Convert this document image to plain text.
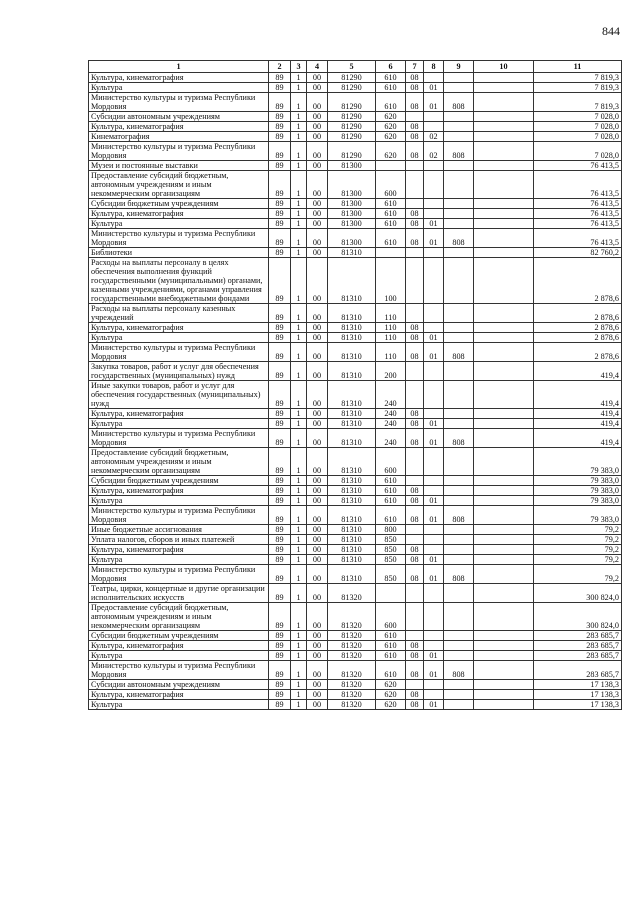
844
1	2	3	4	5	6	7	8	9	10	11
Культура, кинематография	89	1	00	81290	610	08				7 819,3
Культура	89	1	00	81290	610	08	01			7 819,3
Министерство культуры и туризма Республики Мордовия	89	1	00	81290	610	08	01	808		7 819,3
Субсидии автономным учреждениям	89	1	00	81290	620					7 028,0
Культура, кинематография	89	1	00	81290	620	08				7 028,0
Кинематография	89	1	00	81290	620	08	02			7 028,0
Министерство культуры и туризма Республики Мордовия	89	1	00	81290	620	08	02	808		7 028,0
Музеи и постоянные выставки	89	1	00	81300						76 413,5
Предоставление субсидий бюджетным, автономным учреждениям и иным некоммерческим организациям	89	1	00	81300	600					76 413,5
Субсидии бюджетным учреждениям	89	1	00	81300	610					76 413,5
Культура, кинематография	89	1	00	81300	610	08				76 413,5
Культура	89	1	00	81300	610	08	01			76 413,5
Министерство культуры и туризма Республики Мордовия	89	1	00	81300	610	08	01	808		76 413,5
Библиотеки	89	1	00	81310						82 760,2
Расходы на выплаты персоналу в целях обеспечения выполнения функций государственными (муниципальными) органами, казенными учреждениями, органами управления государственными внебюджетными фондами	89	1	00	81310	100					2 878,6
Расходы на выплаты персоналу казенных учреждений	89	1	00	81310	110					2 878,6
Культура, кинематография	89	1	00	81310	110	08				2 878,6
Культура	89	1	00	81310	110	08	01			2 878,6
Министерство культуры и туризма Республики Мордовия	89	1	00	81310	110	08	01	808		2 878,6
Закупка товаров, работ и услуг для обеспечения государственных (муниципальных) нужд	89	1	00	81310	200					419,4
Иные закупки товаров, работ и услуг для обеспечения государственных (муниципальных) нужд	89	1	00	81310	240					419,4
Культура, кинематография	89	1	00	81310	240	08				419,4
Культура	89	1	00	81310	240	08	01			419,4
Министерство культуры и туризма Республики Мордовия	89	1	00	81310	240	08	01	808		419,4
Предоставление субсидий бюджетным, автономным учреждениям и иным некоммерческим организациям	89	1	00	81310	600					79 383,0
Субсидии бюджетным учреждениям	89	1	00	81310	610					79 383,0
Культура, кинематография	89	1	00	81310	610	08				79 383,0
Культура	89	1	00	81310	610	08	01			79 383,0
Министерство культуры и туризма Республики Мордовия	89	1	00	81310	610	08	01	808		79 383,0
Иные бюджетные ассигнования	89	1	00	81310	800					79,2
Уплата налогов, сборов и иных платежей	89	1	00	81310	850					79,2
Культура, кинематография	89	1	00	81310	850	08				79,2
Культура	89	1	00	81310	850	08	01			79,2
Министерство культуры и туризма Республики Мордовия	89	1	00	81310	850	08	01	808		79,2
Театры, цирки, концертные и другие организации исполнительских искусств	89	1	00	81320						300 824,0
Предоставление субсидий бюджетным, автономным учреждениям и иным некоммерческим организациям	89	1	00	81320	600					300 824,0
Субсидии бюджетным учреждениям	89	1	00	81320	610					283 685,7
Культура, кинематография	89	1	00	81320	610	08				283 685,7
Культура	89	1	00	81320	610	08	01			283 685,7
Министерство культуры и туризма Республики Мордовия	89	1	00	81320	610	08	01	808		283 685,7
Субсидии автономным учреждениям	89	1	00	81320	620					17 138,3
Культура, кинематография	89	1	00	81320	620	08				17 138,3
Культура	89	1	00	81320	620	08	01			17 138,3
